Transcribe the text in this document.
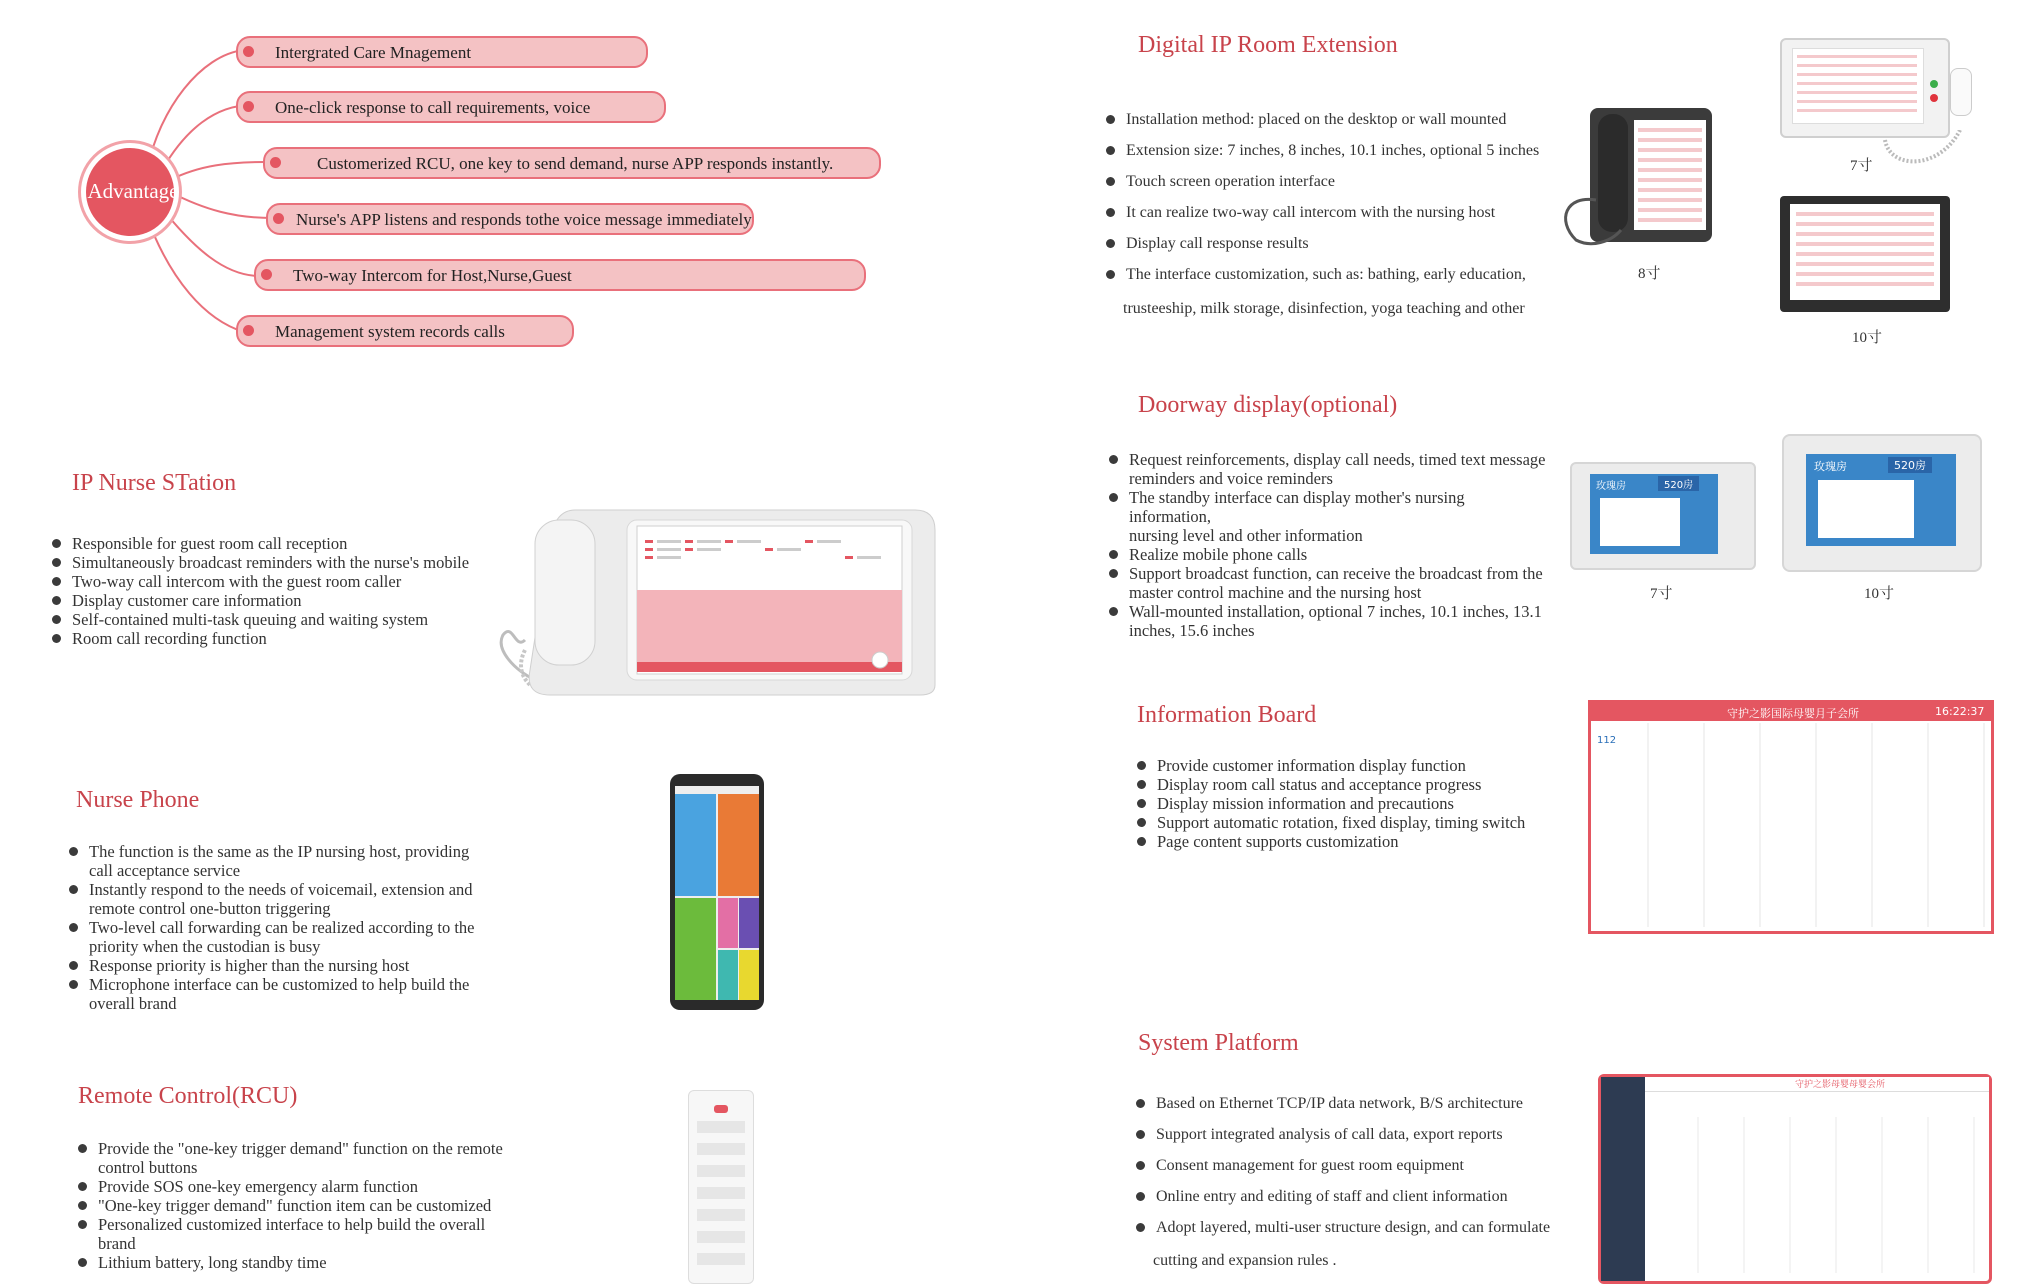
Advantage
Intergrated Care Mnagement
One-click response to call requirements, voice
Customerized RCU, one key to send demand, nurse APP responds instantly.
Nurse's APP listens and responds tothe voice message immediately
Two-way Intercom for Host,Nurse,Guest
Management system records calls
IP Nurse STation
Responsible for guest room call reception
Simultaneously broadcast reminders with the nurse's mobile
Two-way call intercom with the guest room caller
Display customer care information
Self-contained multi-task queuing and waiting system
Room call recording function
Nurse Phone
The function is the same as the IP nursing host, providing
call acceptance service
Instantly respond to the needs of voicemail, extension and
remote control one-button triggering
Two-level call forwarding can be realized according to the
priority when the custodian is busy
Response priority is higher than the nursing host
Microphone interface can be customized to help build the
overall brand
Remote Control(RCU)
Provide the "one-key trigger demand" function on the remote
control buttons
Provide SOS one-key emergency alarm function
"One-key trigger demand" function item can be customized
Personalized customized interface to help build the overall
brand
Lithium battery, long standby time
Digital IP Room Extension
Installation method: placed on the desktop or wall mounted
Extension size: 7 inches, 8 inches, 10.1 inches, optional 5 inches
Touch screen operation interface
It can realize two-way call intercom with the nursing host
Display call response results
The interface customization, such as: bathing, early education,
trusteeship, milk storage, disinfection, yoga teaching and other
8寸
7寸
10寸
Doorway display(optional)
Request reinforcements, display call needs, timed text message
reminders and voice reminders
The standby interface can display mother's nursing information,
nursing level and other information
Realize mobile phone calls
Support broadcast function, can receive the broadcast from the
master control machine and the nursing host
Wall-mounted installation, optional 7 inches, 10.1 inches, 13.1
inches, 15.6 inches
玫瑰房	520房
7寸
玫瑰房	520房
10寸
Information Board
Provide customer information display function
Display room call status and acceptance progress
Display mission information and precautions
Support automatic rotation, fixed display, timing switch
Page content supports customization
守护之影国际母婴月子会所	16:22:37
112
System Platform
Based on Ethernet TCP/IP data network, B/S architecture
Support integrated analysis of call data, export reports
Consent management for guest room equipment
Online entry and editing of staff and client information
Adopt layered, multi-user structure design, and can formulate
cutting and expansion rules .
守护之影母婴母婴会所
